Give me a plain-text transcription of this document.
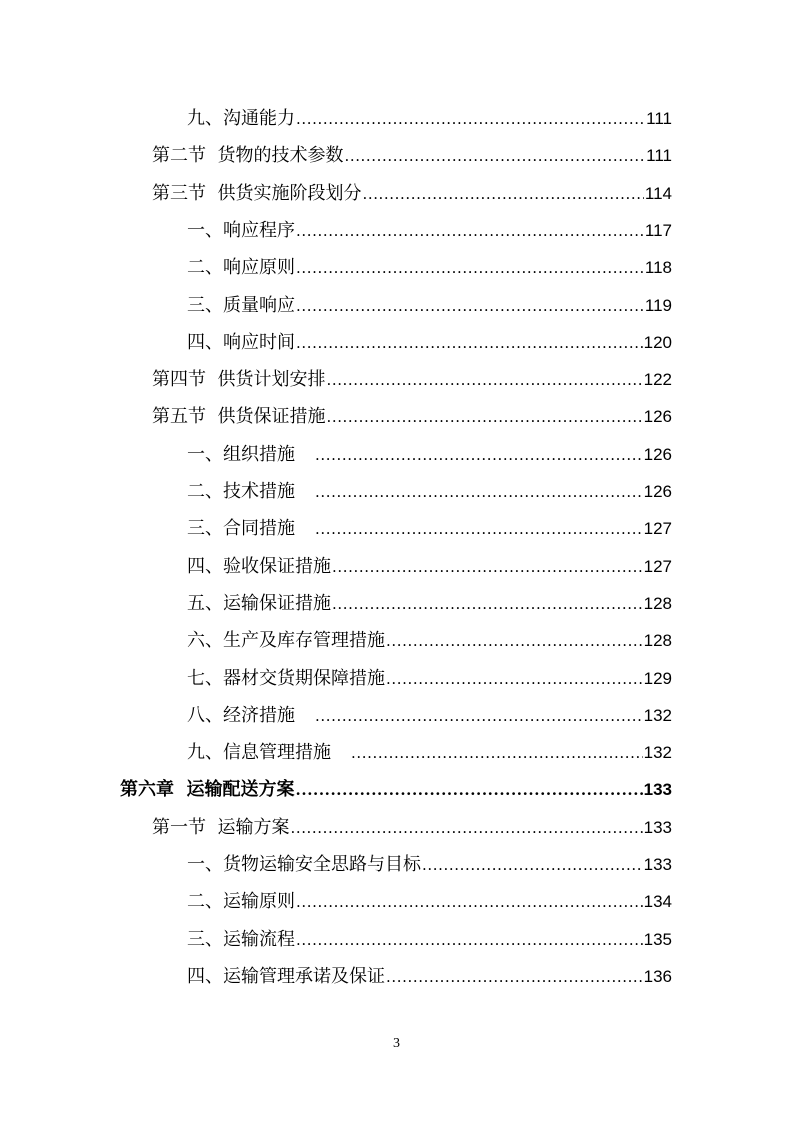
九、沟通能力 .....	111
第二节  货物的技术参数 .....	111
第三节  供货实施阶段划分 .....	114
一、响应程序 .....	117
二、响应原则 .....	118
三、质量响应 .....	119
四、响应时间 .....	120
第四节  供货计划安排 .....	122
第五节  供货保证措施 .....	126
一、组织措施 .....	126
二、技术措施 .....	126
三、合同措施 .....	127
四、验收保证措施 .....	127
五、运输保证措施 .....	128
六、生产及库存管理措施 .....	128
七、器材交货期保障措施 .....	129
八、经济措施 .....	132
九、信息管理措施 .....	132
第六章  运输配送方案 .....	133
第一节  运输方案 .....	133
一、货物运输安全思路与目标 .....	133
二、运输原则 .....	134
三、运输流程 .....	135
四、运输管理承诺及保证 .....	136
3
